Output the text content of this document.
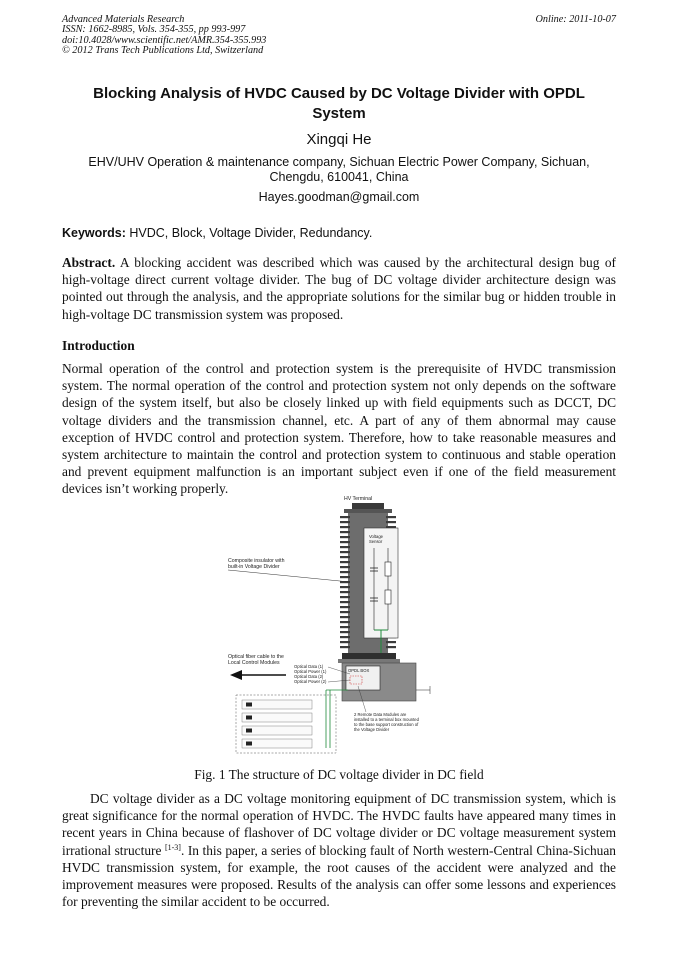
Advanced Materials Research
ISSN: 1662-8985, Vols. 354-355, pp 993-997
doi:10.4028/www.scientific.net/AMR.354-355.993
© 2012 Trans Tech Publications Ltd, Switzerland
Online: 2011-10-07
Blocking Analysis of HVDC Caused by DC Voltage Divider with OPDL
System
Xingqi He
EHV/UHV Operation & maintenance company, Sichuan Electric Power Company, Sichuan,
Chengdu, 610041, China
Hayes.goodman@gmail.com
Keywords: HVDC, Block, Voltage Divider, Redundancy.
Abstract. A blocking accident was described which was caused by the architectural design bug of high-voltage direct current voltage divider. The bug of DC voltage divider architecture design was pointed out through the analysis, and the appropriate solutions for the similar bug or hidden trouble in high-voltage DC transmission system was proposed.
Introduction
Normal operation of the control and protection system is the prerequisite of HVDC transmission system. The normal operation of the control and protection system not only depends on the software design of the system itself, but also be closely linked up with field equipments such as DCCT, DC voltage dividers and the transmission channel, etc. A part of any of them abnormal may cause exception of HVDC control and protection system. Therefore, how to take reasonable measures and system architecture to maintain the control and protection system to continuous and stable operation and prevent equipment malfunction is an important subject even if one of the field measurement devices isn’t working properly.
HV Terminal
Voltage
Sensor
Composite insulator with
built-in Voltage Divider
OPDL BOX
Optical Data (1)
Optical Power (1)
Optical Data (2)
Optical Power (2)
Optical fiber cable to the
Local Control Modules
2 Remote Data Modules are
installed to a terminal box mounted
to the base support construction of
the Voltage Divider
Fig. 1 The structure of DC voltage divider in DC field
DC voltage divider as a DC voltage monitoring equipment of DC transmission system, which is great significance for the normal operation of HVDC. The HVDC faults have appeared many times in recent years in China because of flashover of DC voltage divider or DC voltage measurement system irrational structure [1-3]. In this paper, a series of blocking fault of North western-Central China-Sichuan HVDC transmission system, for example, the root causes of the accident were analyzed and the improvement measures were proposed. Results of the analysis can offer some lessons and experiences for preventing the similar accident to be occurred.
